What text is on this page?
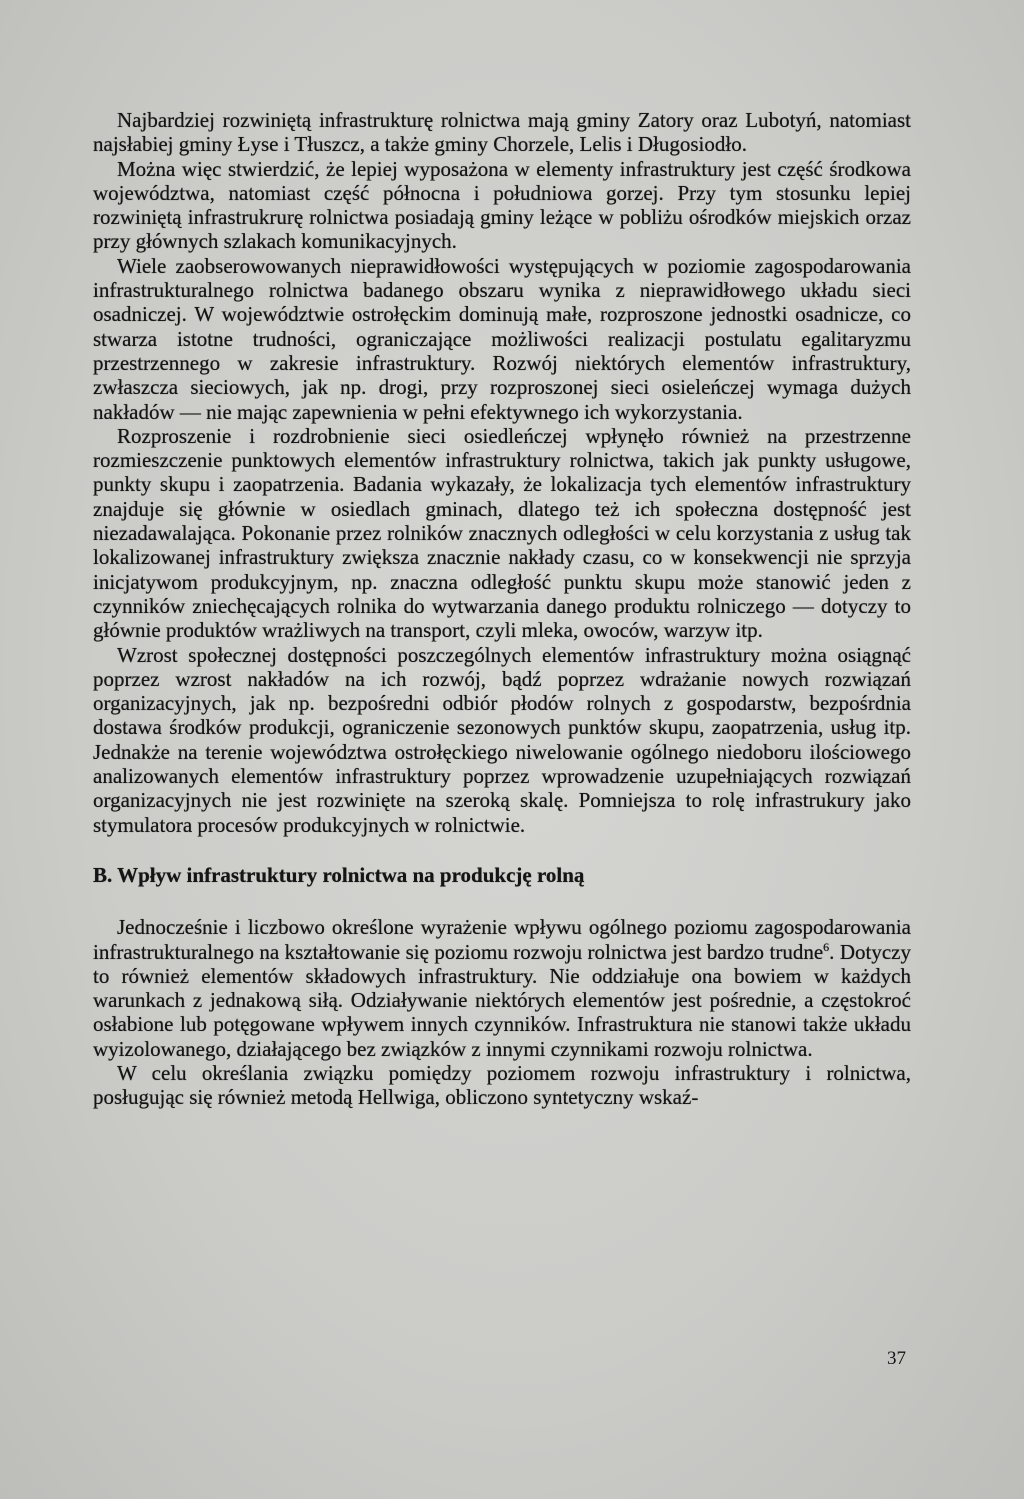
Najbardziej rozwiniętą infrastrukturę rolnictwa mają gminy Zatory oraz Lubotyń, natomiast najsłabiej gminy Łyse i Tłuszcz, a także gminy Chorzele, Lelis i Długosiodło.

Można więc stwierdzić, że lepiej wyposażona w elementy infrastruktury jest część środkowa województwa, natomiast część północna i południowa gorzej. Przy tym stosunku lepiej rozwiniętą infrastrukrurę rolnictwa posiadają gminy leżące w pobliżu ośrodków miejskich orzaz przy głównych szlakach komunikacyjnych.

Wiele zaobserowowanych nieprawidłowości występujących w poziomie zagospodarowania infrastrukturalnego rolnictwa badanego obszaru wynika z nieprawidłowego układu sieci osadniczej. W województwie ostrołęckim dominują małe, rozproszone jednostki osadnicze, co stwarza istotne trudności, ograniczające możliwości realizacji postulatu egalitaryzmu przestrzennego w zakresie infrastruktury. Rozwój niektórych elementów infrastruktury, zwłaszcza sieciowych, jak np. drogi, przy rozproszonej sieci osieleńczej wymaga dużych nakładów — nie mając zapewnienia w pełni efektywnego ich wykorzystania.

Rozproszenie i rozdrobnienie sieci osiedleńczej wpłynęło również na przestrzenne rozmieszczenie punktowych elementów infrastruktury rolnictwa, takich jak punkty usługowe, punkty skupu i zaopatrzenia. Badania wykazały, że lokalizacja tych elementów infrastruktury znajduje się głównie w osiedlach gminach, dlatego też ich społeczna dostępność jest niezadawalająca. Pokonanie przez rolników znacznych odległości w celu korzystania z usług tak lokalizowanej infrastruktury zwiększa znacznie nakłady czasu, co w konsekwencji nie sprzyja inicjatywom produkcyjnym, np. znaczna odległość punktu skupu może stanowić jeden z czynników zniechęcających rolnika do wytwarzania danego produktu rolniczego — dotyczy to głównie produktów wrażliwych na transport, czyli mleka, owoców, warzyw itp.

Wzrost społecznej dostępności poszczególnych elementów infrastruktury można osiągnąć poprzez wzrost nakładów na ich rozwój, bądź poprzez wdrażanie nowych rozwiązań organizacyjnych, jak np. bezpośredni odbiór płodów rolnych z gospodarstw, bezpośrdnia dostawa środków produkcji, ograniczenie sezonowych punktów skupu, zaopatrzenia, usług itp. Jednakże na terenie województwa ostrołęckiego niwelowanie ogólnego niedoboru ilościowego analizowanych elementów infrastruktury poprzez wprowadzenie uzupełniających rozwiązań organizacyjnych nie jest rozwinięte na szeroką skalę. Pomniejsza to rolę infrastrukury jako stymulatora procesów produkcyjnych w rolnictwie.

B. Wpływ infrastruktury rolnictwa na produkcję rolną

Jednocześnie i liczbowo określone wyrażenie wpływu ogólnego poziomu zagospodarowania infrastrukturalnego na kształtowanie się poziomu rozwoju rolnictwa jest bardzo trudne$^6$. Dotyczy to również elementów składowych infrastruktury. Nie oddziałuje ona bowiem w każdych warunkach z jednakową siłą. Odziaływanie niektórych elementów jest pośrednie, a częstokroć osłabione lub potęgowane wpływem innych czynników. Infrastruktura nie stanowi także układu wyizolowanego, działającego bez związków z innymi czynnikami rozwoju rolnictwa.

W celu określania związku pomiędzy poziomem rozwoju infrastruktury i rolnictwa, posługując się również metodą Hellwiga, obliczono syntetyczny wskaź-

37
